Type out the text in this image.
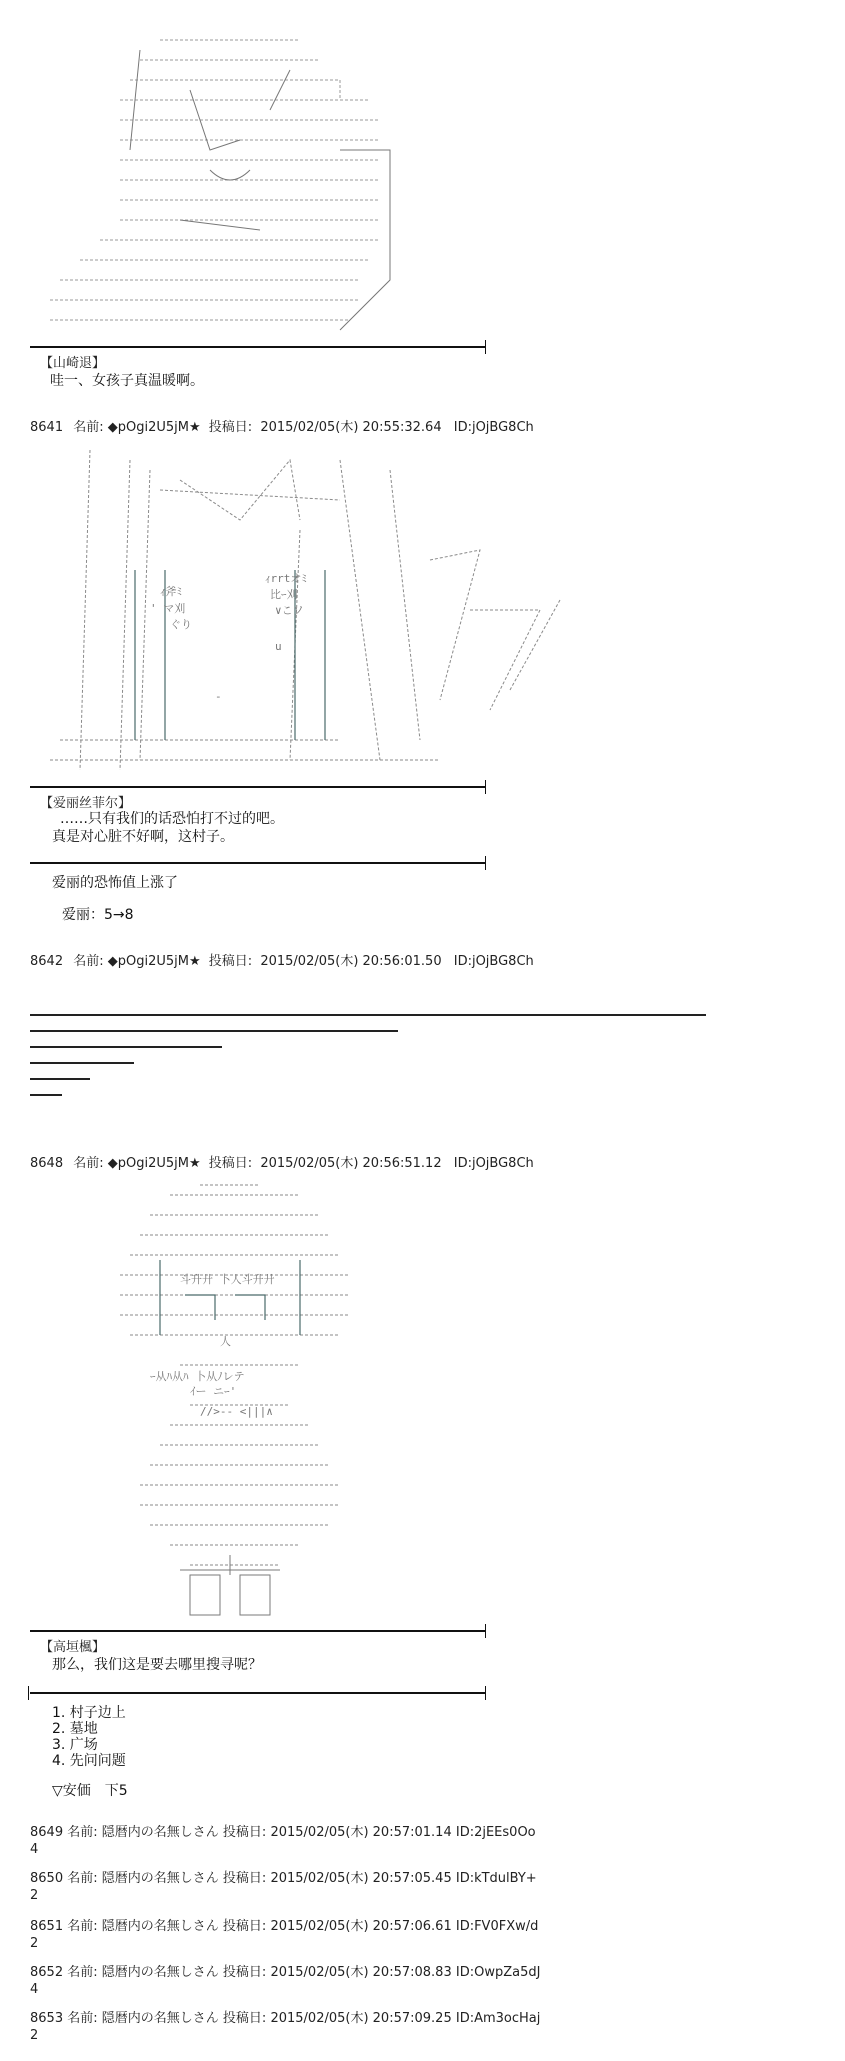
【山崎退】
哇一、女孩子真温暖啊。
8641 名前: ◆pOgi2U5jM★ 投稿日: 2015/02/05(木) 20:55:32.64 ID:jOjBG8Ch
ｨ斧ﾐ
' マ刈
ぐり
ｨrrtオﾐ
比ｰ刈
∨こソ
u
-
【爱丽丝菲尔】
……只有我们的话恐怕打不过的吧。
真是对心脏不好啊，这村子。
爱丽的恐怖值上涨了
爱丽：5→8
8642 名前: ◆pOgi2U5jM★ 投稿日: 2015/02/05(木) 20:56:01.50 ID:jOjBG8Ch
8648 名前: ◆pOgi2U5jM★ 投稿日: 2015/02/05(木) 20:56:51.12 ID:jOjBG8Ch
斗升廾 卜人斗升廾
人
ｰ从ﾊ从ﾊ 卜从ﾉレテ
ｲー ニｰ'
//>-- <|||∧
【高垣楓】
那么，我们这是要去哪里搜寻呢？
1. 村子边上
2. 墓地
3. 广场
4. 先问问题
▽安価　下5
8649 名前: 隠暦内の名無しさん 投稿日: 2015/02/05(木) 20:57:01.14 ID:2jEEs0Oo
4
8650 名前: 隠暦内の名無しさん 投稿日: 2015/02/05(木) 20:57:05.45 ID:kTdulBY+
2
8651 名前: 隠暦内の名無しさん 投稿日: 2015/02/05(木) 20:57:06.61 ID:FV0FXw/d
2
8652 名前: 隠暦内の名無しさん 投稿日: 2015/02/05(木) 20:57:08.83 ID:OwpZa5dJ
4
8653 名前: 隠暦内の名無しさん 投稿日: 2015/02/05(木) 20:57:09.25 ID:Am3ocHaj
2
